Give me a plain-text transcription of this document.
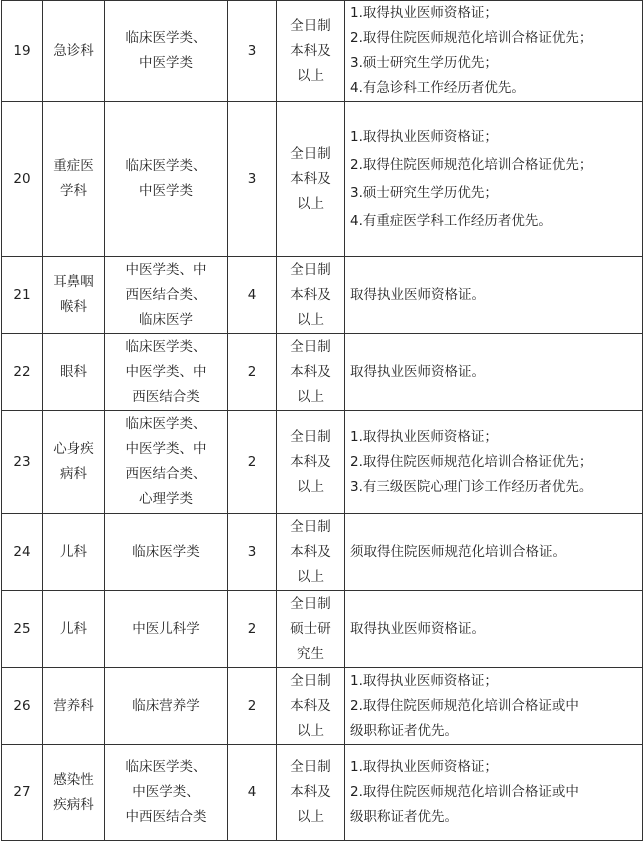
19	急诊科	临床医学类、
中医学类	3	全日制
本科及
以上	1.取得执业医师资格证；
2.取得住院医师规范化培训合格证优先；
3.硕士研究生学历优先；
4.有急诊科工作经历者优先。

20	重症医
学科	临床医学类、
中医学类	3	全日制
本科及
以上	1.取得执业医师资格证；
2.取得住院医师规范化培训合格证优先；
3.硕士研究生学历优先；
4.有重症医学科工作经历者优先。

21	耳鼻咽
喉科	中医学类、中
西医结合类、
临床医学	4	全日制
本科及
以上	取得执业医师资格证。

22	眼科	临床医学类、
中医学类、中
西医结合类	2	全日制
本科及
以上	取得执业医师资格证。

23	心身疾
病科	临床医学类、
中医学类、中
西医结合类、
心理学类	2	全日制
本科及
以上	1.取得执业医师资格证；
2.取得住院医师规范化培训合格证优先；
3.有三级医院心理门诊工作经历者优先。

24	儿科	临床医学类	3	全日制
本科及
以上	须取得住院医师规范化培训合格证。

25	儿科	中医儿科学	2	全日制
硕士研
究生	取得执业医师资格证。

26	营养科	临床营养学	2	全日制
本科及
以上	1.取得执业医师资格证；
2.取得住院医师规范化培训合格证或中
级职称证者优先。

27	感染性
疾病科	临床医学类、
中医学类、
中西医结合类	4	全日制
本科及
以上	1.取得执业医师资格证；
2.取得住院医师规范化培训合格证或中
级职称证者优先。
